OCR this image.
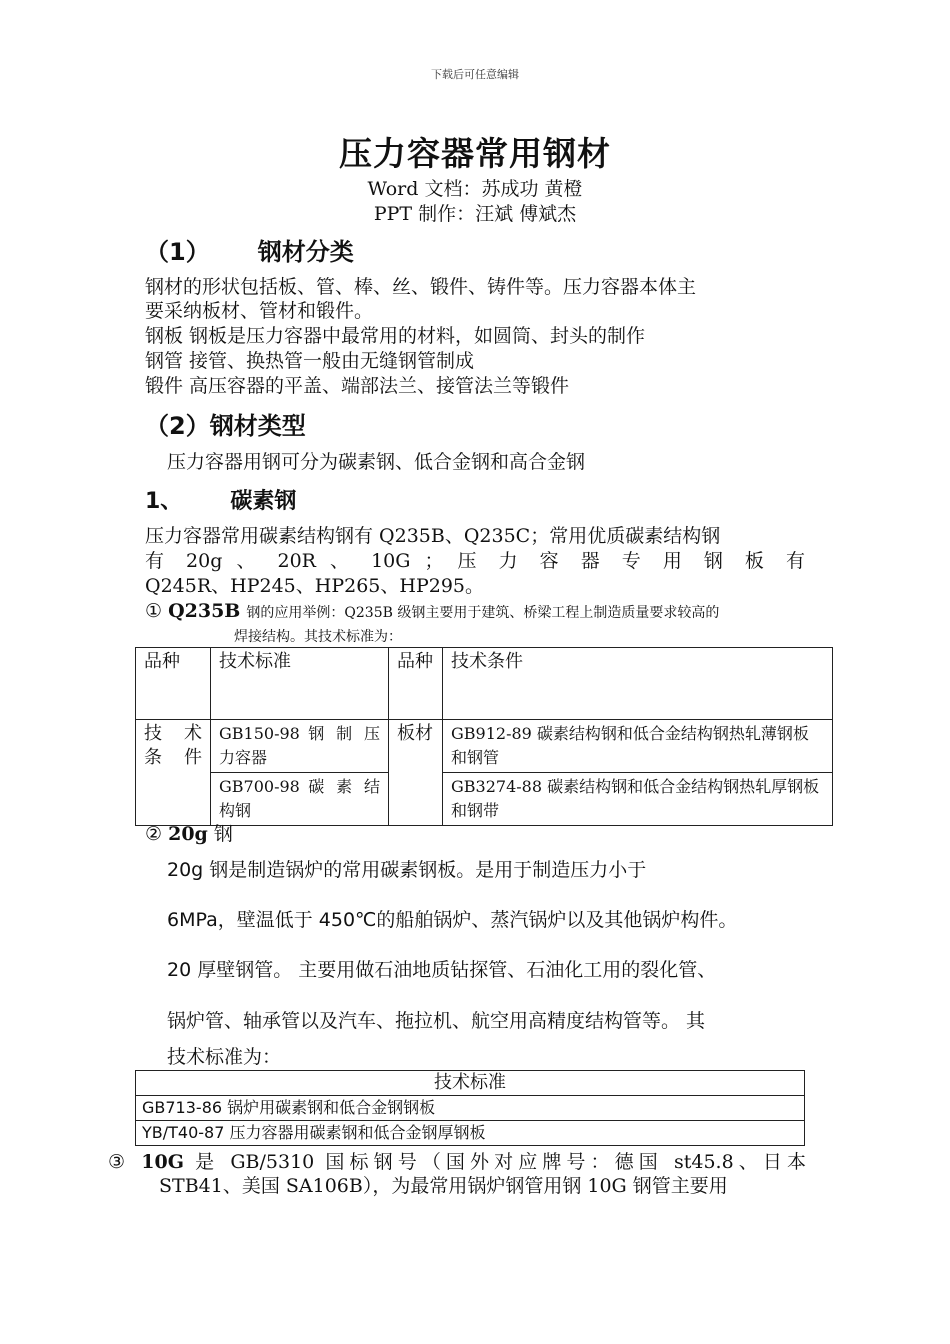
下载后可任意编辑

压力容器常用钢材

Word 文档：苏成功 黄橙

PPT 制作：汪斌 傅斌杰

（1） 钢材分类

钢材的形状包括板、管、棒、丝、锻件、铸件等。压力容器本体主

要采纳板材、管材和锻件。

钢板 钢板是压力容器中最常用的材料，如圆筒、封头的制作

钢管 接管、换热管一般由无缝钢管制成

锻件 高压容器的平盖、端部法兰、接管法兰等锻件

（2）钢材类型

压力容器用钢可分为碳素钢、低合金钢和高合金钢

1、 碳素钢

压力容器常用碳素结构钢有 Q235B、Q235C；常用优质碳素结构钢

有 20g 、 20R 、 10G ； 压 力 容 器 专 用 钢 板 有

Q245R、HP245、HP265、HP295。

① Q235B 钢的应用举例：Q235B 级钢主要用于建筑、桥梁工程上制造质量要求较高的

焊接结构。其技术标准为：

品种	技术标准	品种	技术条件
技 术 条件	GB150-98 钢 制 压 力容器	板材	GB912-89 碳素结构钢和低合金结构钢热轧薄钢板和钢管
	GB700-98 碳 素 结 构钢		GB3274-88 碳素结构钢和低合金结构钢热轧厚钢板和钢带

② 20g 钢

20g 钢是制造锅炉的常用碳素钢板。是用于制造压力小于

6MPa，壁温低于 450℃的船舶锅炉、蒸汽锅炉以及其他锅炉构件。

20 厚壁钢管。 主要用做石油地质钻探管、石油化工用的裂化管、

锅炉管、轴承管以及汽车、拖拉机、航空用高精度结构管等。 其

技术标准为：

技术标准
GB713-86 锅炉用碳素钢和低合金钢钢板
YB/T40-87 压力容器用碳素钢和低合金钢厚钢板

③ 10G 是 GB/5310 国标钢号（国外对应牌号：德国 st45.8、日本

STB41、美国 SA106B），为最常用锅炉钢管用钢 10G 钢管主要用
